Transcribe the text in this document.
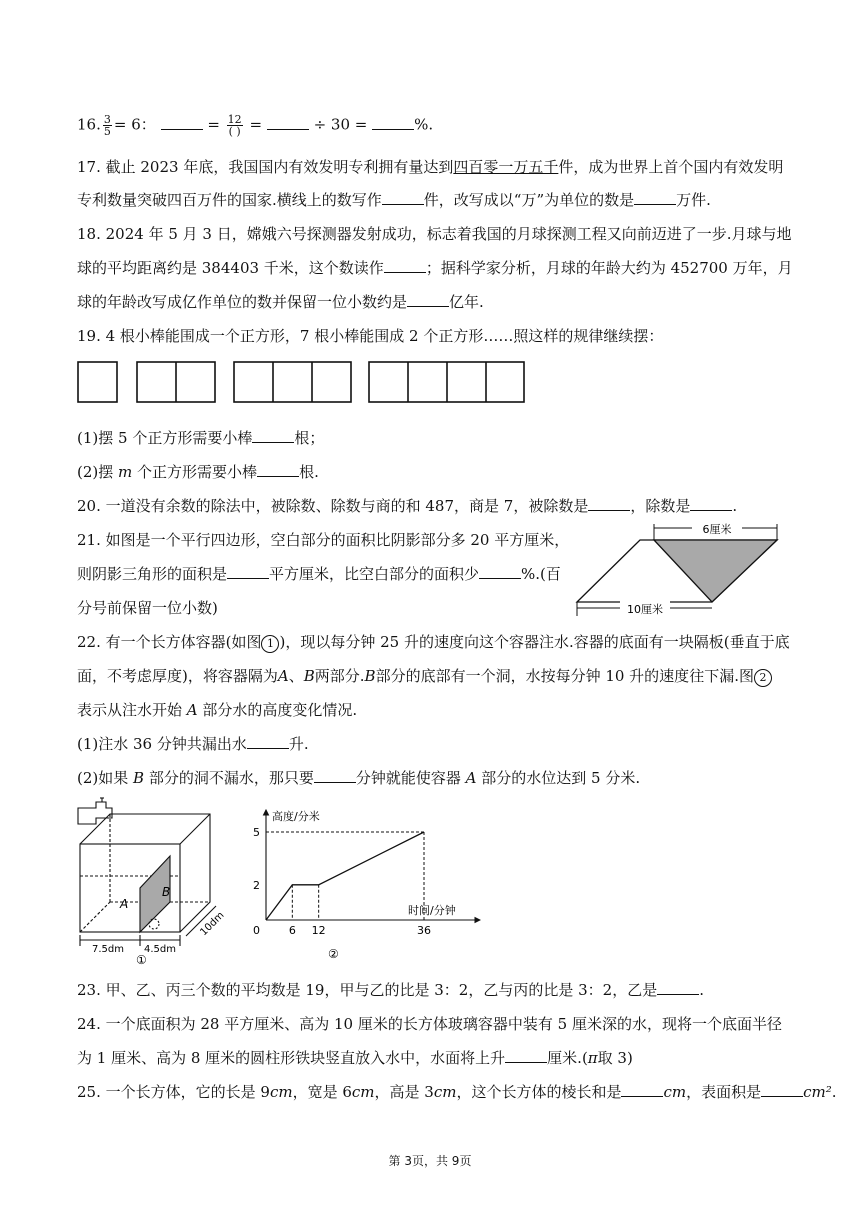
16. $\frac{3}{5} = 6$：	= $\frac{12}{( )}$ =	÷ 30 =	%.
17. 截止 2023 年底，我国国内有效发明专利拥有量达到四百零一万五千件，成为世界上首个国内有效发明
专利数量突破四百万件的国家.横线上的数写作	件，改写成以“万”为单位的数是	万件.
18. 2024 年 5 月 3 日，嫦娥六号探测器发射成功，标志着我国的月球探测工程又向前迈进了一步.月球与地
球的平均距离约是 384403 千米，这个数读作	；据科学家分析，月球的年龄大约为 452700 万年，月
球的年龄改写成亿作单位的数并保留一位小数约是	亿年.
19. 4 根小棒能围成一个正方形，7 根小棒能围成 2 个正方形……照这样的规律继续摆：
(1)摆 5 个正方形需要小棒	根；
(2)摆 m 个正方形需要小棒	根.
20. 一道没有余数的除法中，被除数、除数与商的和 487，商是 7，被除数是	，除数是	.
21. 如图是一个平行四边形，空白部分的面积比阴影部分多 20 平方厘米，
则阴影三角形的面积是	平方厘米，比空白部分的面积少	%.(百
分号前保留一位小数)
6厘米
10厘米
22. 有一个长方体容器(如图 1 )，现以每分钟 25 升的速度向这个容器注水.容器的底面有一块隔板(垂直于底
面，不考虑厚度)，将容器隔为A、B两部分.B部分的底部有一个洞，水按每分钟 10 升的速度往下漏.图 2
表示从注水开始 A 部分水的高度变化情况.
(1)注水 36 分钟共漏出水	升.
(2)如果 B 部分的洞不漏水，那只要	分钟就能使容器 A 部分的水位达到 5 分米.
A
B
7.5dm 4.5dm
10dm
①
高度/分米
时间/分钟
5
2
0	6 12	36
②
23. 甲、乙、丙三个数的平均数是 19，甲与乙的比是 3：2，乙与丙的比是 3：2，乙是	.
24. 一个底面积为 28 平方厘米、高为 10 厘米的长方体玻璃容器中装有 5 厘米深的水，现将一个底面半径
为 1 厘米、高为 8 厘米的圆柱形铁块竖直放入水中，水面将上升	厘米.(π取 3)
25. 一个长方体，它的长是 9cm，宽是 6cm，高是 3cm，这个长方体的棱长和是	cm，表面积是	cm².
第 3页，共 9页
